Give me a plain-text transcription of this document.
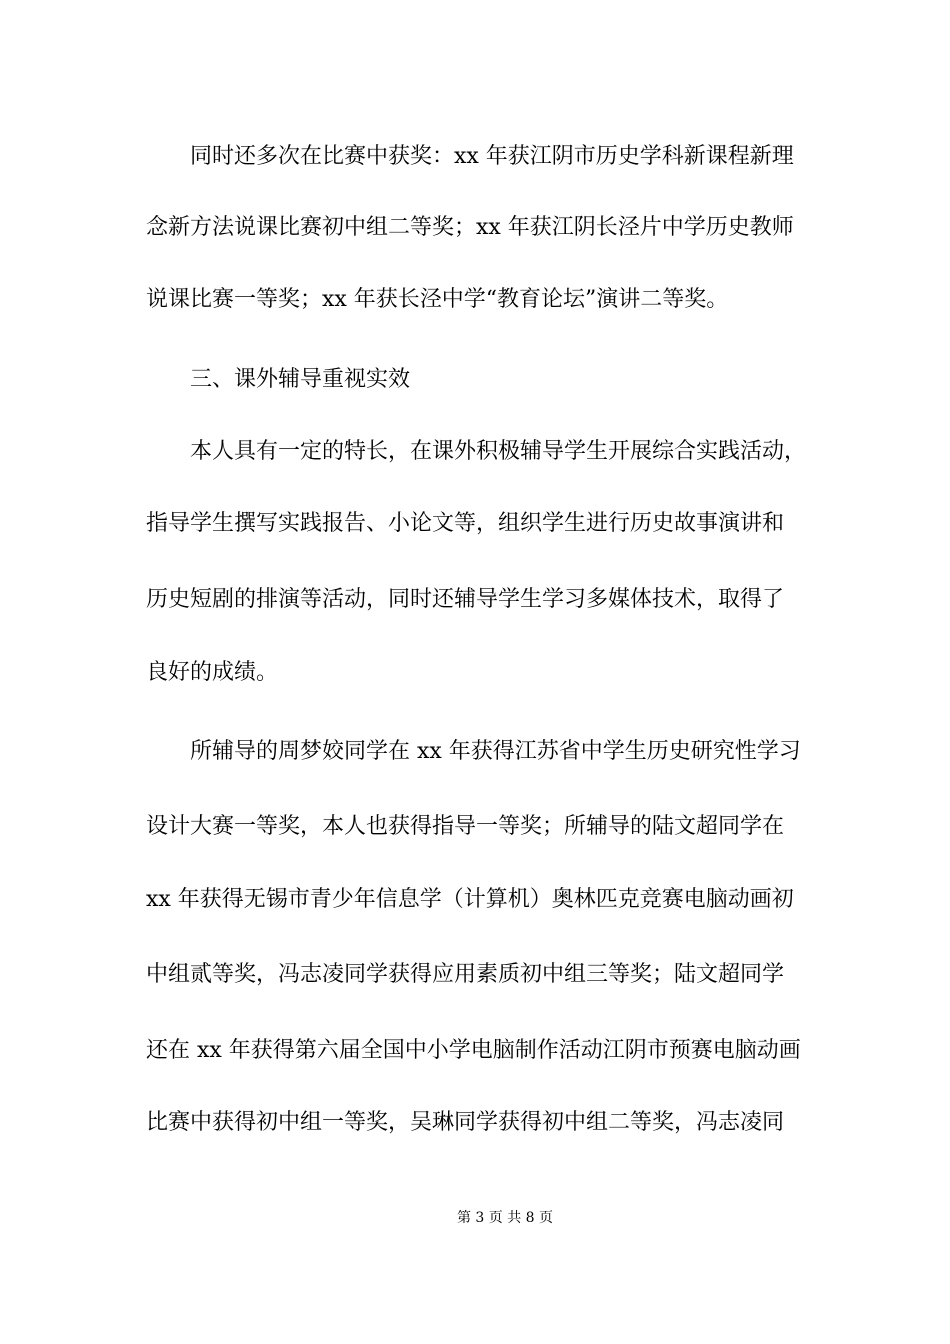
同时还多次在比赛中获奖：xx 年获江阴市历史学科新课程新理
念新方法说课比赛初中组二等奖；xx 年获江阴长泾片中学历史教师
说课比赛一等奖；xx 年获长泾中学“教育论坛”演讲二等奖。
三、课外辅导重视实效
本人具有一定的特长，在课外积极辅导学生开展综合实践活动，
指导学生撰写实践报告、小论文等，组织学生进行历史故事演讲和
历史短剧的排演等活动，同时还辅导学生学习多媒体技术，取得了
良好的成绩。
所辅导的周梦姣同学在 xx 年获得江苏省中学生历史研究性学习
设计大赛一等奖，本人也获得指导一等奖；所辅导的陆文超同学在
xx 年获得无锡市青少年信息学（计算机）奥林匹克竞赛电脑动画初
中组贰等奖，冯志凌同学获得应用素质初中组三等奖；陆文超同学
还在 xx 年获得第六届全国中小学电脑制作活动江阴市预赛电脑动画
比赛中获得初中组一等奖，吴琳同学获得初中组二等奖，冯志凌同
第 3 页 共 8 页
